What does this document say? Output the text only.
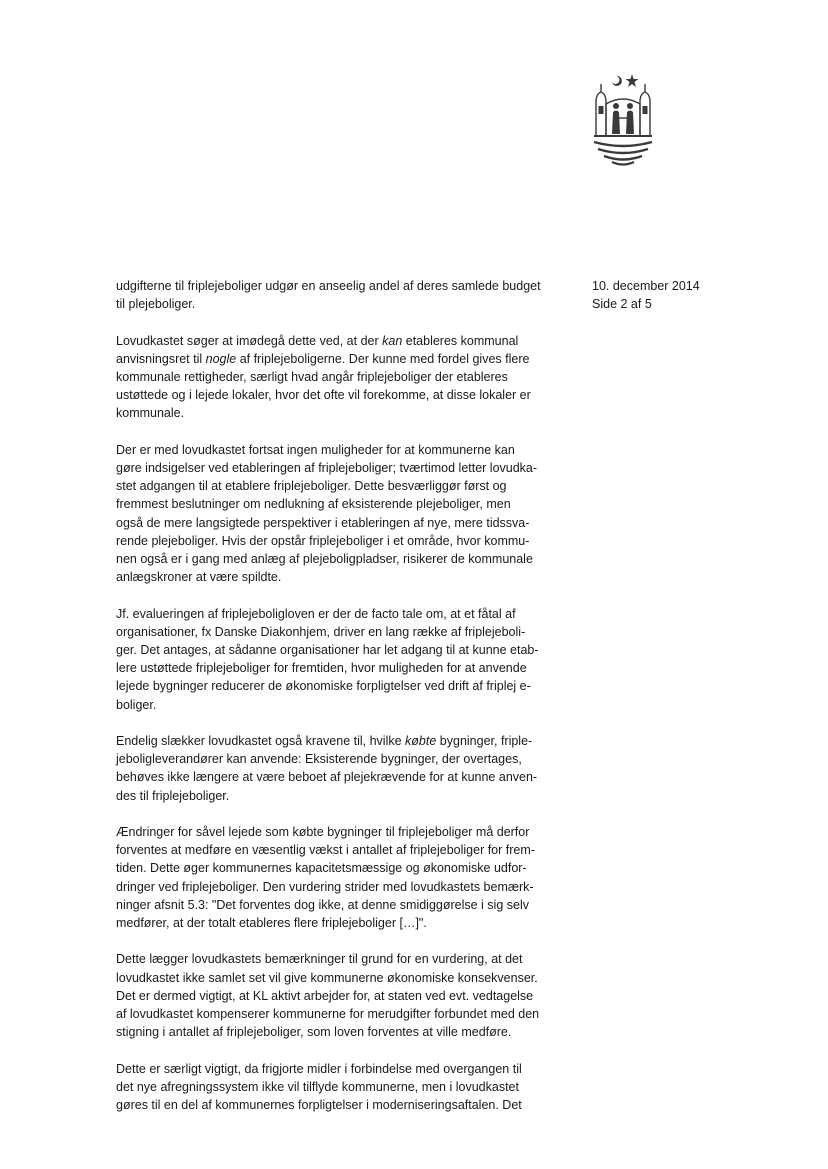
10. december 2014
Side 2 af 5

udgifterne til friplejeboliger udgør en anseelig andel af deres samlede budget
til plejeboliger.

Lovudkastet søger at imødegå dette ved, at der kan etableres kommunal
anvisningsret til nogle af friplejeboligerne. Der kunne med fordel gives flere
kommunale rettigheder, særligt hvad angår friplejeboliger der etableres
ustøttede og i lejede lokaler, hvor det ofte vil forekomme, at disse lokaler er
kommunale.

Der er med lovudkastet fortsat ingen muligheder for at kommunerne kan
gøre indsigelser ved etableringen af friplejeboliger; tværtimod letter lovudka-
stet adgangen til at etablere friplejeboliger. Dette besværliggør først og
fremmest beslutninger om nedlukning af eksisterende plejeboliger, men
også de mere langsigtede perspektiver i etableringen af nye, mere tidssva-
rende plejeboliger. Hvis der opstår friplejeboliger i et område, hvor kommu-
nen også er i gang med anlæg af plejeboligpladser, risikerer de kommunale
anlægskroner at være spildte.

Jf. evalueringen af friplejeboligloven er der de facto tale om, at et fåtal af
organisationer, fx Danske Diakonhjem, driver en lang række af friplejeboli-
ger. Det antages, at sådanne organisationer har let adgang til at kunne etab-
lere ustøttede friplejeboliger for fremtiden, hvor muligheden for at anvende
lejede bygninger reducerer de økonomiske forpligtelser ved drift af friplej e-
boliger.

Endelig slækker lovudkastet også kravene til, hvilke købte bygninger, friple-
jeboligleverandører kan anvende: Eksisterende bygninger, der overtages,
behøves ikke længere at være beboet af plejekrævende for at kunne anven-
des til friplejeboliger.

Ændringer for såvel lejede som købte bygninger til friplejeboliger må derfor
forventes at medføre en væsentlig vækst i antallet af friplejeboliger for frem-
tiden. Dette øger kommunernes kapacitetsmæssige og økonomiske udfor-
dringer ved friplejeboliger. Den vurdering strider med lovudkastets bemærk-
ninger afsnit 5.3: "Det forventes dog ikke, at denne smidiggørelse i sig selv
medfører, at der totalt etableres flere friplejeboliger […]".

Dette lægger lovudkastets bemærkninger til grund for en vurdering, at det
lovudkastet ikke samlet set vil give kommunerne økonomiske konsekvenser.
Det er dermed vigtigt, at KL aktivt arbejder for, at staten ved evt. vedtagelse
af lovudkastet kompenserer kommunerne for merudgifter forbundet med den
stigning i antallet af friplejeboliger, som loven forventes at ville medføre.

Dette er særligt vigtigt, da frigjorte midler i forbindelse med overgangen til
det nye afregningssystem ikke vil tilflyde kommunerne, men i lovudkastet
gøres til en del af kommunernes forpligtelser i moderniseringsaftalen. Det
